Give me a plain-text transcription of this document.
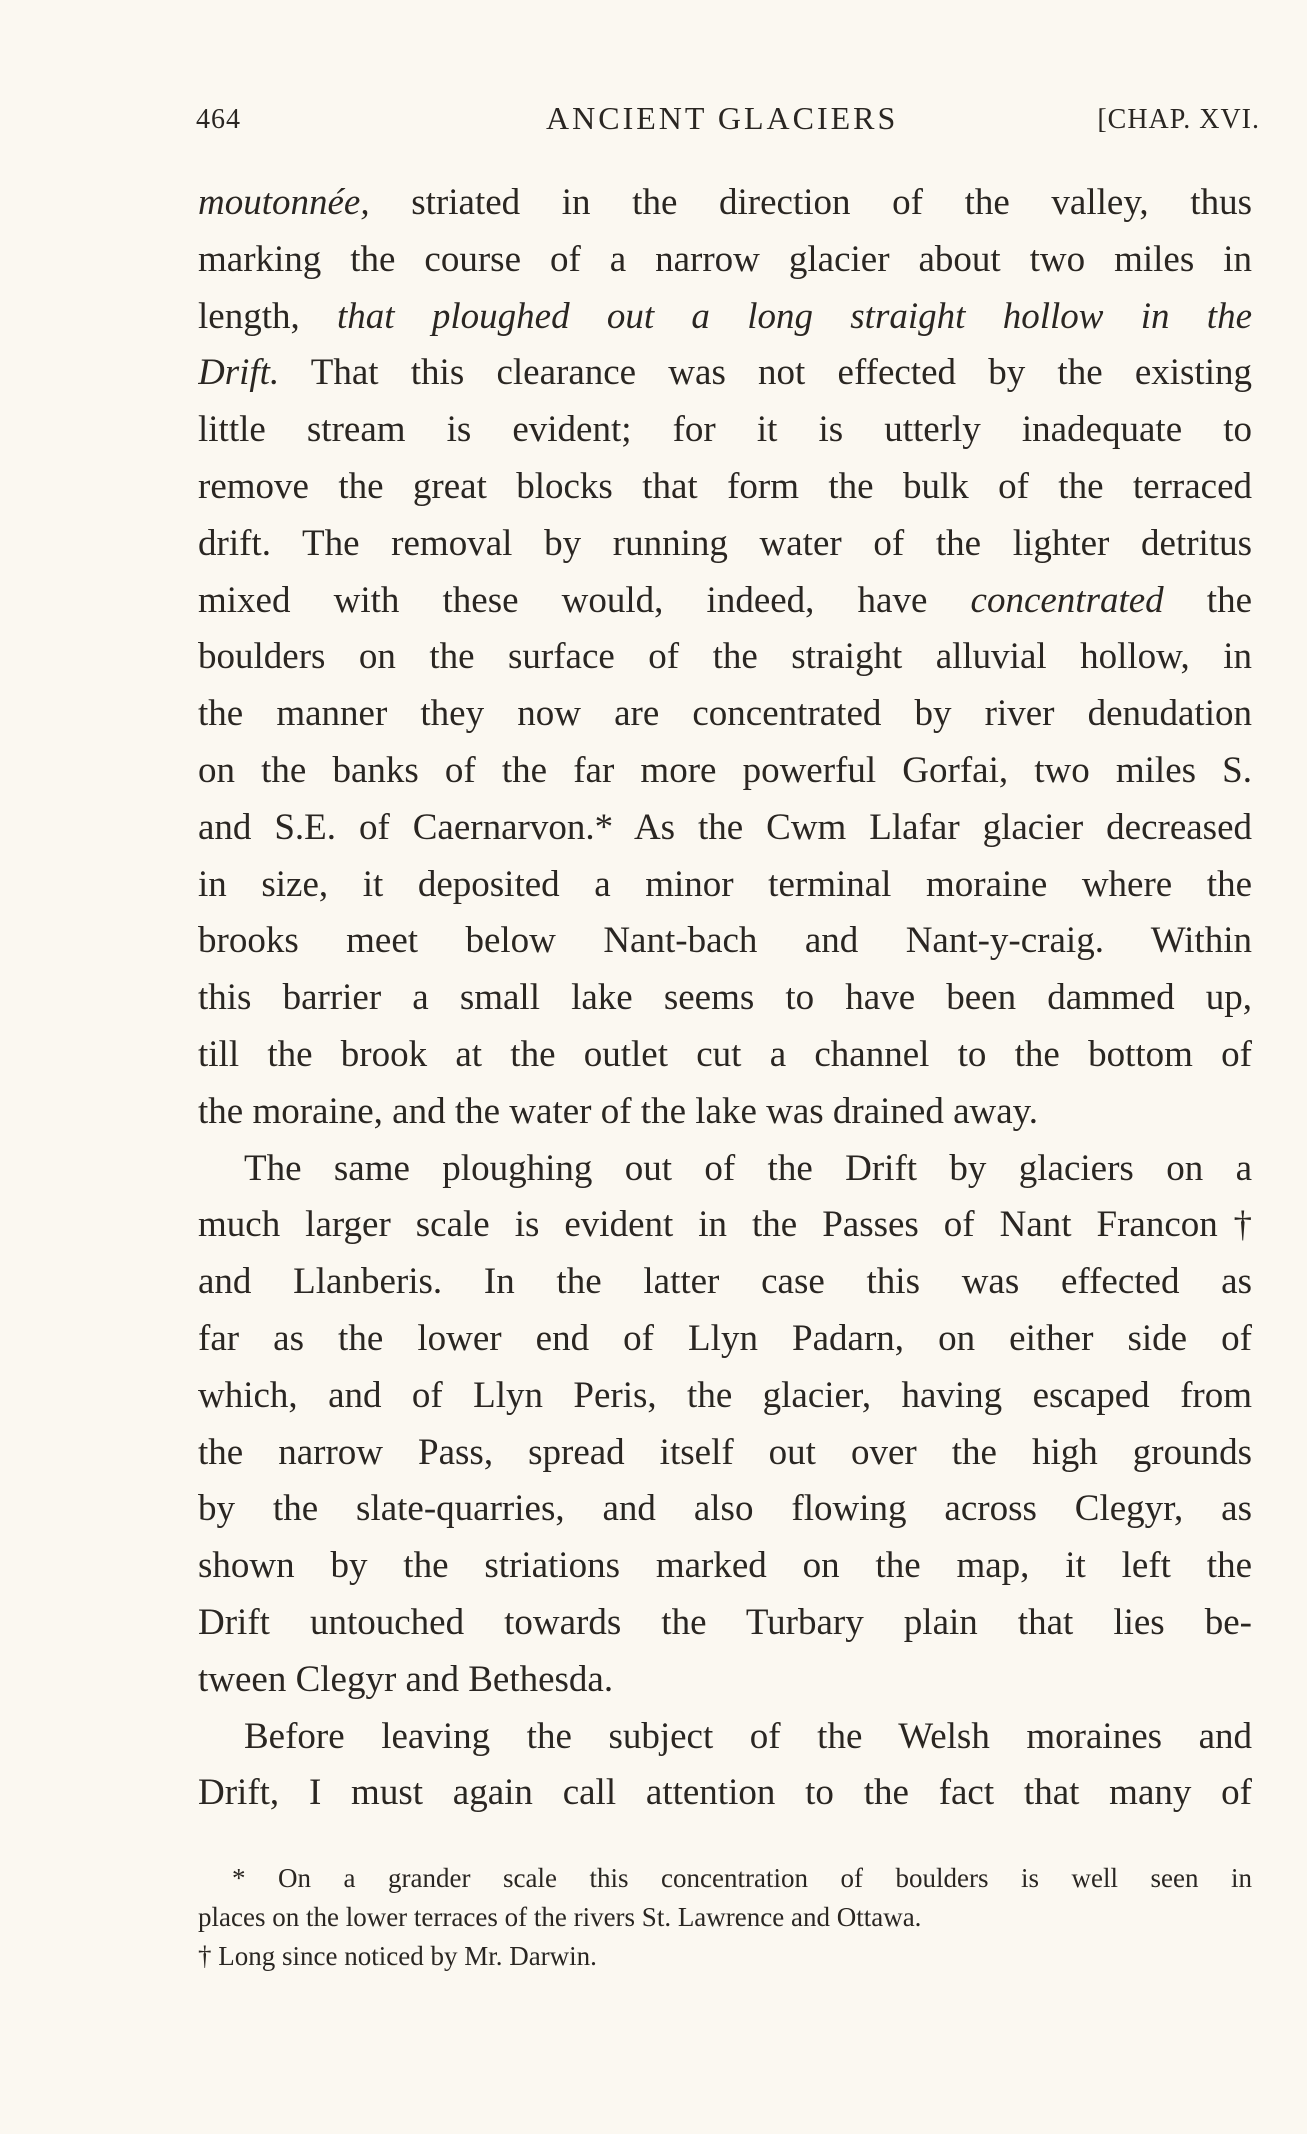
464	ANCIENT GLACIERS	[CHAP. XVI.
moutonnée, striated in the direction of the valley, thus
marking the course of a narrow glacier about two miles in
length, that ploughed out a long straight hollow in the
Drift. That this clearance was not effected by the existing
little stream is evident; for it is utterly inadequate to
remove the great blocks that form the bulk of the terraced
drift. The removal by running water of the lighter detritus
mixed with these would, indeed, have concentrated the
boulders on the surface of the straight alluvial hollow, in
the manner they now are concentrated by river denudation
on the banks of the far more powerful Gorfai, two miles S.
and S.E. of Caernarvon.* As the Cwm Llafar glacier decreased
in size, it deposited a minor terminal moraine where the
brooks meet below Nant-bach and Nant-y-craig. Within
this barrier a small lake seems to have been dammed up,
till the brook at the outlet cut a channel to the bottom of
the moraine, and the water of the lake was drained away.
The same ploughing out of the Drift by glaciers on a
much larger scale is evident in the Passes of Nant Francon†
and Llanberis. In the latter case this was effected as
far as the lower end of Llyn Padarn, on either side of
which, and of Llyn Peris, the glacier, having escaped from
the narrow Pass, spread itself out over the high grounds
by the slate-quarries, and also flowing across Clegyr, as
shown by the striations marked on the map, it left the
Drift untouched towards the Turbary plain that lies be-
tween Clegyr and Bethesda.
Before leaving the subject of the Welsh moraines and
Drift, I must again call attention to the fact that many of
* On a grander scale this concentration of boulders is well seen in
places on the lower terraces of the rivers St. Lawrence and Ottawa.
† Long since noticed by Mr. Darwin.
